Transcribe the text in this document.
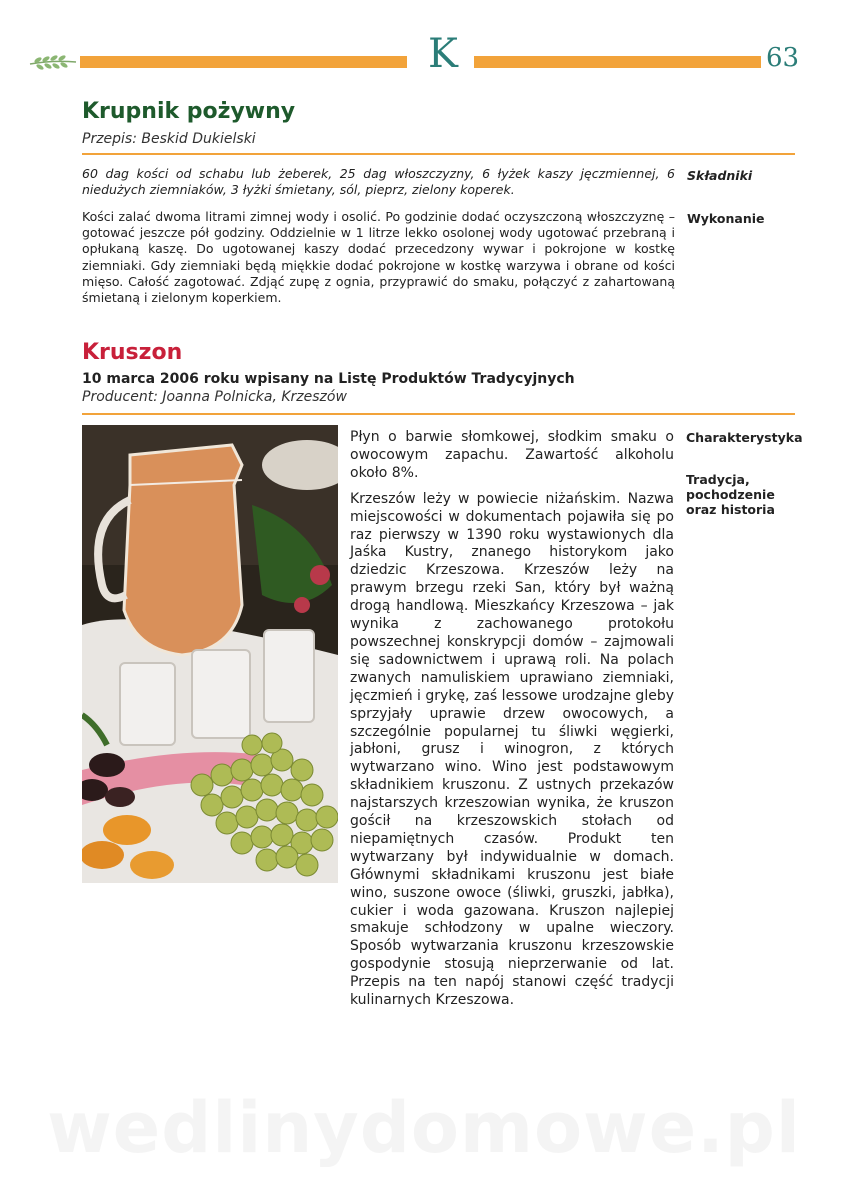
K	63
Krupnik pożywny
Przepis: Beskid Dukielski
60 dag kości od schabu lub żeberek, 25 dag włoszczyzny, 6 łyżek kaszy jęczmiennej, 6 niedużych ziemniaków, 3 łyżki śmietany, sól, pieprz, zielony koperek.
Składniki
Kości zalać dwoma litrami zimnej wody i osolić. Po godzinie dodać oczyszczoną włoszczyznę – gotować jeszcze pół godziny. Oddzielnie w 1 litrze lekko osolonej wody ugotować przebraną i opłukaną kaszę. Do ugotowanej kaszy dodać przecedzony wywar i pokrojone w kostkę ziemniaki. Gdy ziemniaki będą miękkie dodać pokrojone w kostkę warzywa i obrane od kości mięso. Całość zagotować. Zdjąć zupę z ognia, przyprawić do smaku, połączyć z zahartowaną śmietaną i zielonym koperkiem.
Wykonanie
Kruszon
10 marca 2006 roku wpisany na Listę Produktów Tradycyjnych
Producent: Joanna Polnicka, Krzeszów

Płyn o barwie słomkowej, słodkim smaku o owocowym zapachu. Zawartość alkoholu około 8%.

Krzeszów leży w powiecie niżańskim. Nazwa miejscowości w dokumentach pojawiła się po raz pierwszy w 1390 roku wystawionych dla Jaśka Kustry, znanego historykom jako dziedzic Krzeszowa. Krzeszów leży na prawym brzegu rzeki San, który był ważną drogą handlową. Mieszkańcy Krzeszowa – jak wynika z zachowanego protokołu powszechnej konskrypcji domów – zajmowali się sadownictwem i uprawą roli. Na polach zwanych namuliskiem uprawiano ziemniaki, jęczmień i grykę, zaś lessowe urodzajne gleby sprzyjały uprawie drzew owocowych, a szczególnie popularnej tu śliwki węgierki, jabłoni, grusz i winogron, z których wytwarzano wino. Wino jest podstawowym składnikiem kruszonu. Z ustnych przekazów najstarszych krzeszowian wynika, że kruszon gościł na krzeszowskich stołach od niepamiętnych czasów. Produkt ten wytwarzany był indywidualnie w domach. Głównymi składnikami kruszonu jest białe wino, suszone owoce (śliwki, gruszki, jabłka), cukier i woda gazowana. Kruszon najlepiej smakuje schłodzony w upalne wieczory. Sposób wytwarzania kruszonu krzeszowskie gospodynie stosują nieprzerwanie od lat. Przepis na ten napój stanowi część tradycji kulinarnych Krzeszowa.

Charakterystyka
Tradycja, pochodzenie oraz historia
wedlinydomowe.pl
